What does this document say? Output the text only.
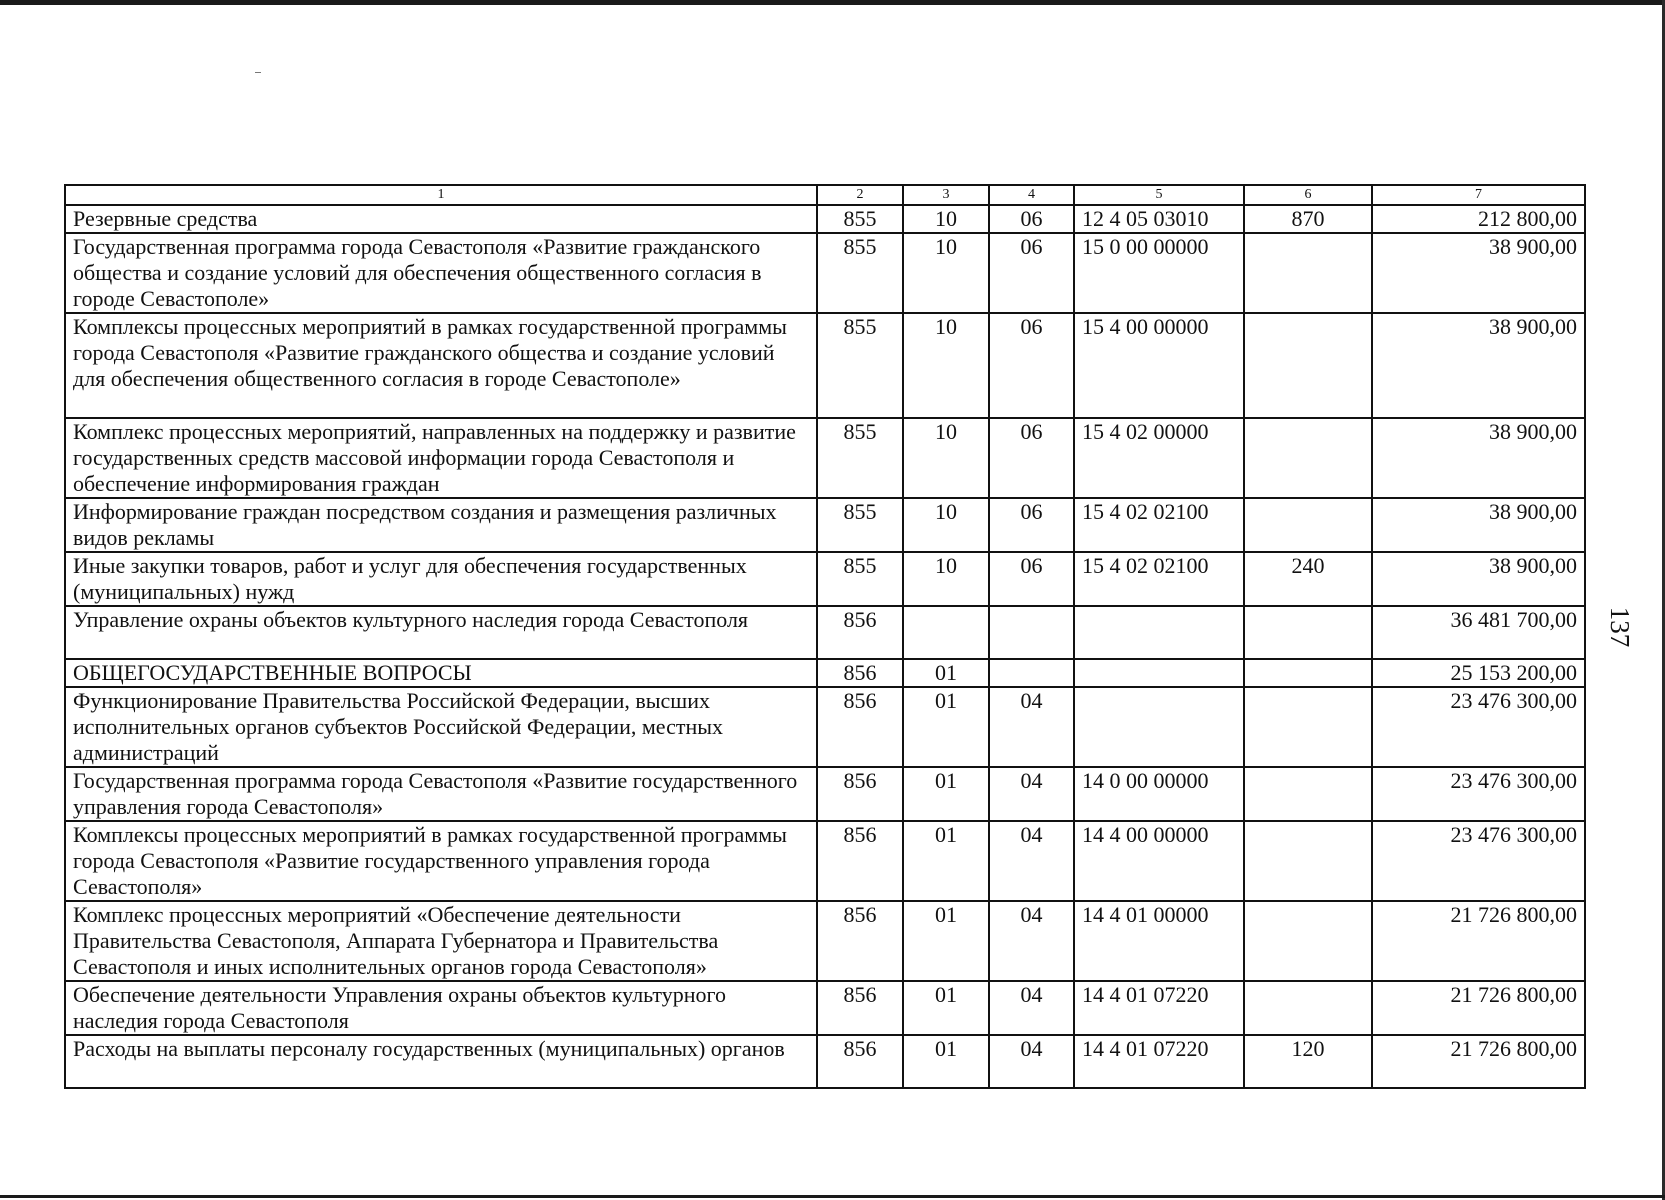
137
1	2	3	4	5	6	7
Резервные средства	855	10	06	12 4 05 03010	870	212 800,00
Государственная программа города Севастополя «Развитие гражданского общества и создание условий для обеспечения общественного согласия в городе Севастополе»	855	10	06	15 0 00 00000		38 900,00
Комплексы процессных мероприятий в рамках государственной программы города Севастополя «Развитие гражданского общества и создание условий для обеспечения общественного согласия в городе Севастополе»	855	10	06	15 4 00 00000		38 900,00
Комплекс процессных мероприятий, направленных на поддержку и развитие государственных средств массовой информации города Севастополя и обеспечение информирования граждан	855	10	06	15 4 02 00000		38 900,00
Информирование граждан посредством создания и размещения различных видов рекламы	855	10	06	15 4 02 02100		38 900,00
Иные закупки товаров, работ и услуг для обеспечения государственных (муниципальных) нужд	855	10	06	15 4 02 02100	240	38 900,00
Управление охраны объектов культурного наследия города Севастополя	856					36 481 700,00
ОБЩЕГОСУДАРСТВЕННЫЕ ВОПРОСЫ	856	01				25 153 200,00
Функционирование Правительства Российской Федерации, высших исполнительных органов субъектов Российской Федерации, местных администраций	856	01	04			23 476 300,00
Государственная программа города Севастополя «Развитие государственного управления города Севастополя»	856	01	04	14 0 00 00000		23 476 300,00
Комплексы процессных мероприятий в рамках государственной программы города Севастополя «Развитие государственного управления города Севастополя»	856	01	04	14 4 00 00000		23 476 300,00
Комплекс процессных мероприятий «Обеспечение деятельности Правительства Севастополя, Аппарата Губернатора и Правительства Севастополя и иных исполнительных органов города Севастополя»	856	01	04	14 4 01 00000		21 726 800,00
Обеспечение деятельности Управления охраны объектов культурного наследия города Севастополя	856	01	04	14 4 01 07220		21 726 800,00
Расходы на выплаты персоналу государственных (муниципальных) органов	856	01	04	14 4 01 07220	120	21 726 800,00
